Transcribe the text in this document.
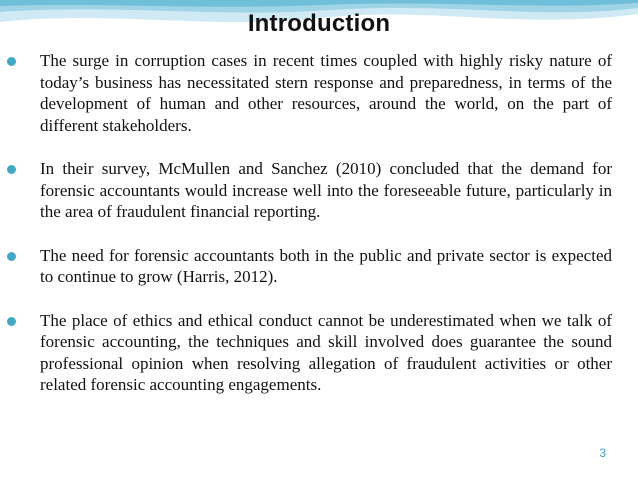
Introduction

The surge in corruption cases in recent times coupled with highly risky nature of today’s business has necessitated stern response and preparedness, in terms of the development of human and other resources, around the world, on the part of different stakeholders.

In their survey, McMullen and Sanchez (2010) concluded that the demand for forensic accountants would increase well into the foreseeable future, particularly in the area of fraudulent financial reporting.

The need for forensic accountants both in the public and private sector is expected to continue to grow (Harris, 2012).

The place of ethics and ethical conduct cannot be underestimated when we talk of forensic accounting, the techniques and skill involved does guarantee the sound professional opinion when resolving allegation of fraudulent activities or other related forensic accounting engagements.

3
